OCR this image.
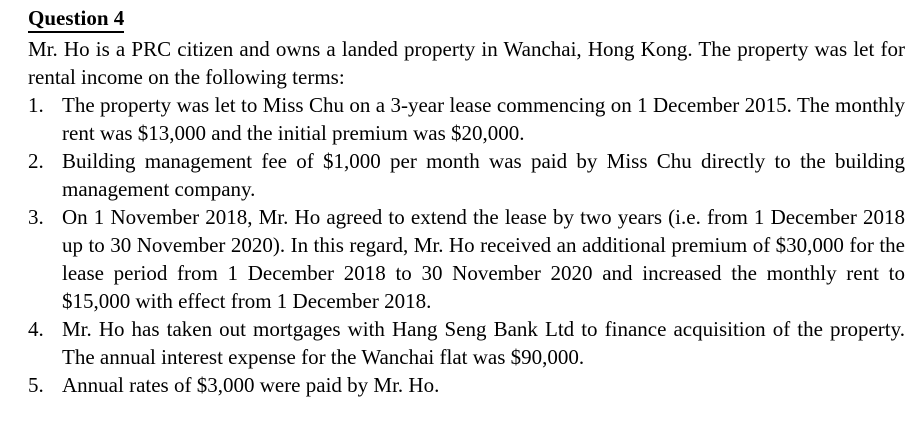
Question 4

Mr. Ho is a PRC citizen and owns a landed property in Wanchai, Hong Kong. The property was let for rental income on the following terms:

1. The property was let to Miss Chu on a 3-year lease commencing on 1 December 2015. The monthly rent was $13,000 and the initial premium was $20,000.
2. Building management fee of $1,000 per month was paid by Miss Chu directly to the building management company.
3. On 1 November 2018, Mr. Ho agreed to extend the lease by two years (i.e. from 1 December 2018 up to 30 November 2020). In this regard, Mr. Ho received an additional premium of $30,000 for the lease period from 1 December 2018 to 30 November 2020 and increased the monthly rent to $15,000 with effect from 1 December 2018.
4. Mr. Ho has taken out mortgages with Hang Seng Bank Ltd to finance acquisition of the property. The annual interest expense for the Wanchai flat was $90,000.
5. Annual rates of $3,000 were paid by Mr. Ho.
